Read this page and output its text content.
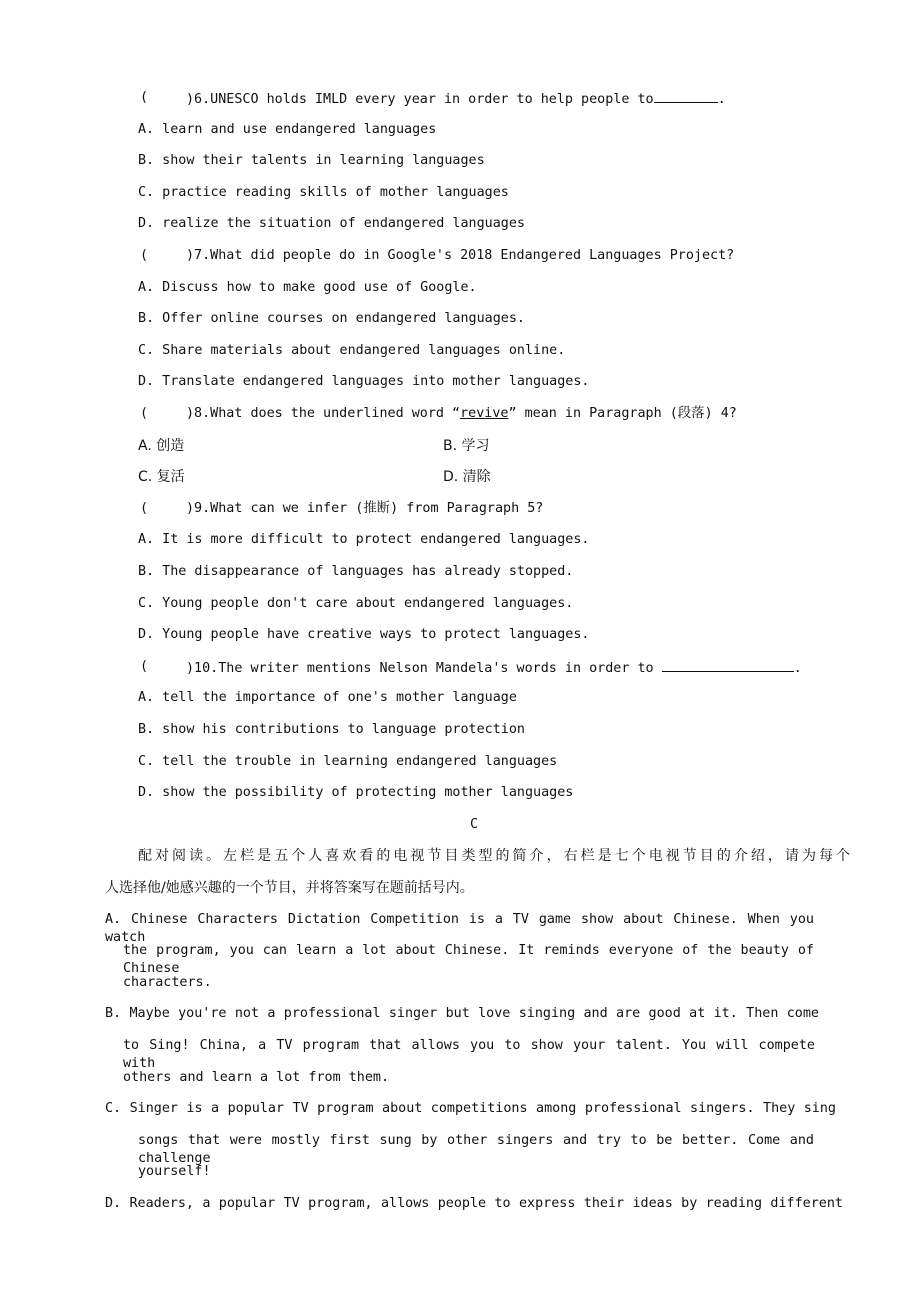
(	)6.UNESCO holds IMLD every year in order to help people to	.
A. learn and use endangered languages
B. show their talents in learning languages
C. practice reading skills of mother languages
D. realize the situation of endangered languages
(	)7.What did people do in Google's 2018 Endangered Languages Project?
A. Discuss how to make good use of Google.
B. Offer online courses on endangered languages.
C. Share materials about endangered languages online.
D. Translate endangered languages into mother languages.
(	)8.What does the underlined word “revive” mean in Paragraph (段落) 4?
A. 创造	B. 学习
C. 复活	D. 清除
(	)9.What can we infer (推断) from Paragraph 5?
A. It is more difficult to protect endangered languages.
B. The disappearance of languages has already stopped.
C. Young people don't care about endangered languages.
D. Young people have creative ways to protect languages.
(	)10.The writer mentions Nelson Mandela's words in order to	.
A. tell the importance of one's mother language
B. show his contributions to language protection
C. tell the trouble in learning endangered languages
D. show the possibility of protecting mother languages
C
配对阅读。左栏是五个人喜欢看的电视节目类型的简介，右栏是七个电视节目的介绍，请为每个
人选择他/她感兴趣的一个节目，并将答案写在题前括号内。
A. Chinese Characters Dictation Competition is a TV game show about Chinese. When you watch
the program, you can learn a lot about Chinese. It reminds everyone of the beauty of Chinese
characters.
B. Maybe you're not a professional singer but love singing and are good at it. Then come
to Sing! China, a TV program that allows you to show your talent. You will compete with
others and learn a lot from them.
C. Singer is a popular TV program about competitions among professional singers. They sing
songs that were mostly first sung by other singers and try to be better. Come and challenge
yourself!
D. Readers, a popular TV program, allows people to express their ideas by reading different
